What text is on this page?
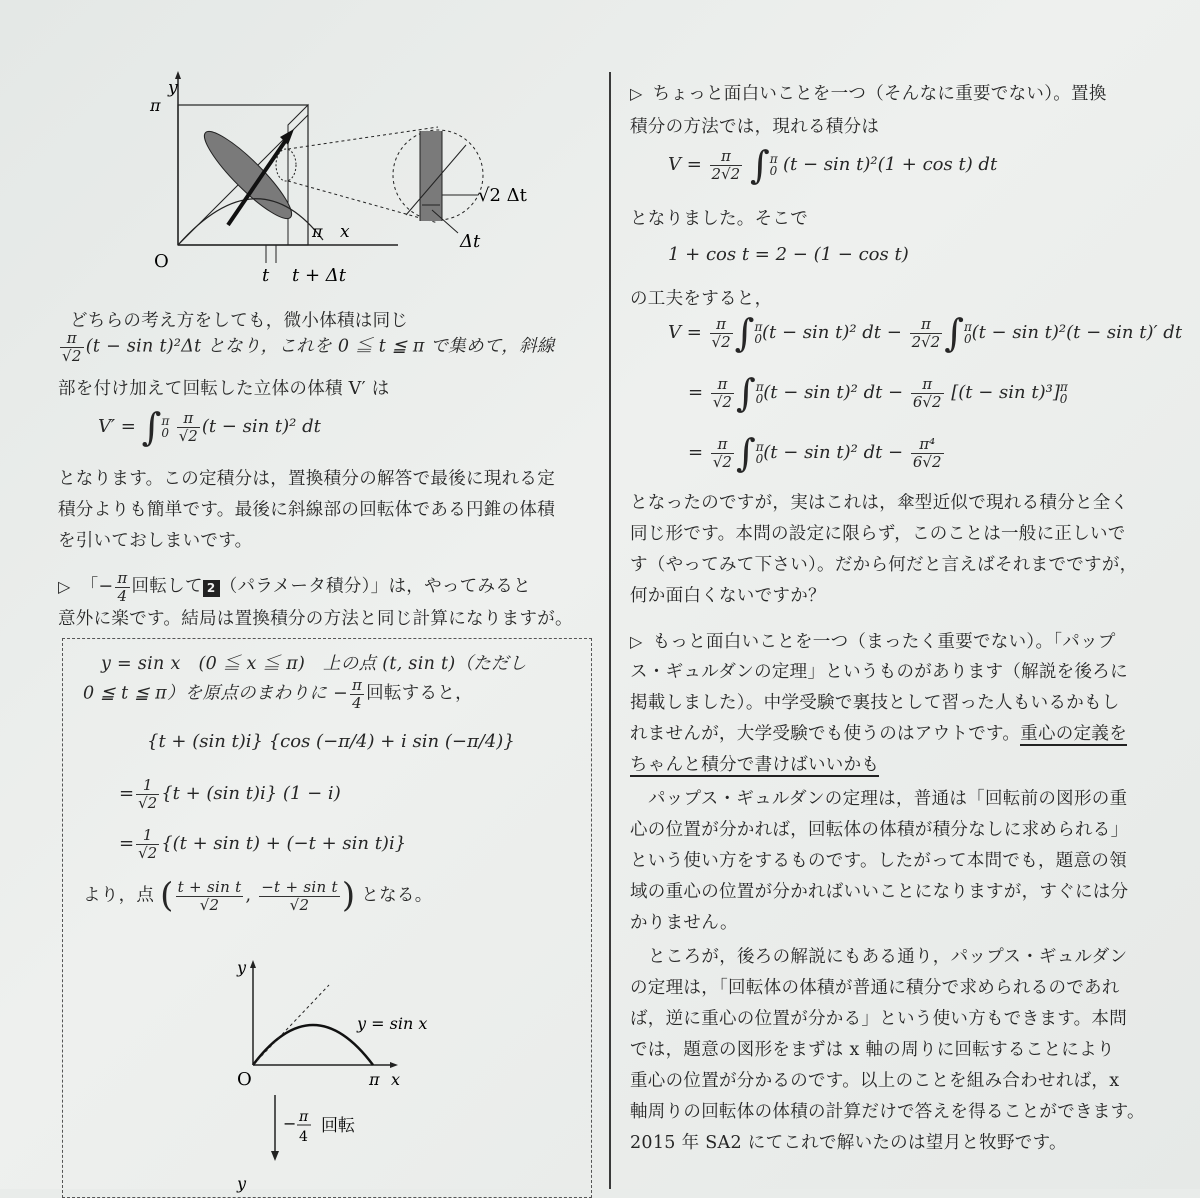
y
π
O
π x
t t + Δt
√2 Δt
Δt

どちらの考え方をしても，微小体積は同じ

$\frac{\pi}{√2} (t - \sin t)^2\Delta t$ となり，これを 0 ≦ t ≦ π で集めて，斜線

部を付け加えて回転した立体の体積 V′ は

$V' = \int^\pi_0 \frac{\pi}{√2} (t - \sin t)^2$ dt

となります。この定積分は，置換積分の解答で最後に現れる定

積分よりも簡単です。最後に斜線部の回転体である円錐の体積

を引いておしまいです。

▷ 「− $\frac{\pi}{4}$ 回転して 2 （パラメータ積分）」は，やってみると

意外に楽です。結局は置換積分の方法と同じ計算になりますが。

y = sin x　(0 ≦ x ≦ π)　上の点 (t, sin t)（ただし

0 ≦ t ≦ π）を原点のまわりに − $\frac{\pi}{4}$ 回転すると，
{t + (sin t)i} {cos (−π/4) + i sin (−π/4)}
= $\frac{1}{√2} \{t + (\sin$ t)i} (1 − i)
= $\frac{1}{√2} \{(t + \sin t) + (-t + \sin t)i\}$
より，点 ( $\frac{\text{t + sin t}}{√2}$ , $\frac{\text{−t + sin t}}{√2}$ ) となる。
y
O	π x
y = sin x
− π
4
回転
y
▷ ちょっと面白いことを一つ（そんなに重要でない）。置換

積分の方法では，現れる積分は

$V = \frac{\pi}{2√2} \int^\pi_0$ (t − sin t)²(1 + cos t) dt

となりました。そこで

1 + cos t = 2 − (1 − cos t)

の工夫をすると，

$V = \frac{\pi}{√2} \int^\pi_0(t - \sin t)^2$ dt − $\frac{\pi}{2√2} \int^\pi_0(t - \sin t)^2(t - \sin t)'$ dt
= $\frac{\pi}{√2} \int^\pi_0(t - \sin t)^2$ dt − $\frac{\pi}{6√2} [(t - \sin t)^3]^\pi_0$
= $\frac{\pi}{√2} \int^\pi_0(t - \sin t)^2$ dt − $\frac{\text{π⁴}}{6√2}$

となったのですが，実はこれは，傘型近似で現れる積分と全く

同じ形です。本問の設定に限らず，このことは一般に正しいで

す（やってみて下さい）。だから何だと言えばそれまでですが，

何か面白くないですか？

▷ もっと面白いことを一つ（まったく重要でない）。「パップ

ス・ギュルダンの定理」というものがあります（解説を後ろに

掲載しました）。中学受験で裏技として習った人もいるかもし

れませんが，大学受験でも使うのはアウトです。重心の定義を

ちゃんと積分で書けばいいかも

パップス・ギュルダンの定理は，普通は「回転前の図形の重

心の位置が分かれば，回転体の体積が積分なしに求められる」

という使い方をするものです。したがって本問でも，題意の領

域の重心の位置が分かればいいことになりますが，すぐには分

かりません。

ところが，後ろの解説にもある通り，パップス・ギュルダン

の定理は，「回転体の体積が普通に積分で求められるのであれ

ば，逆に重心の位置が分かる」という使い方もできます。本問

では，題意の図形をまずは x 軸の周りに回転することにより

重心の位置が分かるのです。以上のことを組み合わせれば，x

軸周りの回転体の体積の計算だけで答えを得ることができます。

2015 年 SA2 にてこれで解いたのは望月と牧野です。
